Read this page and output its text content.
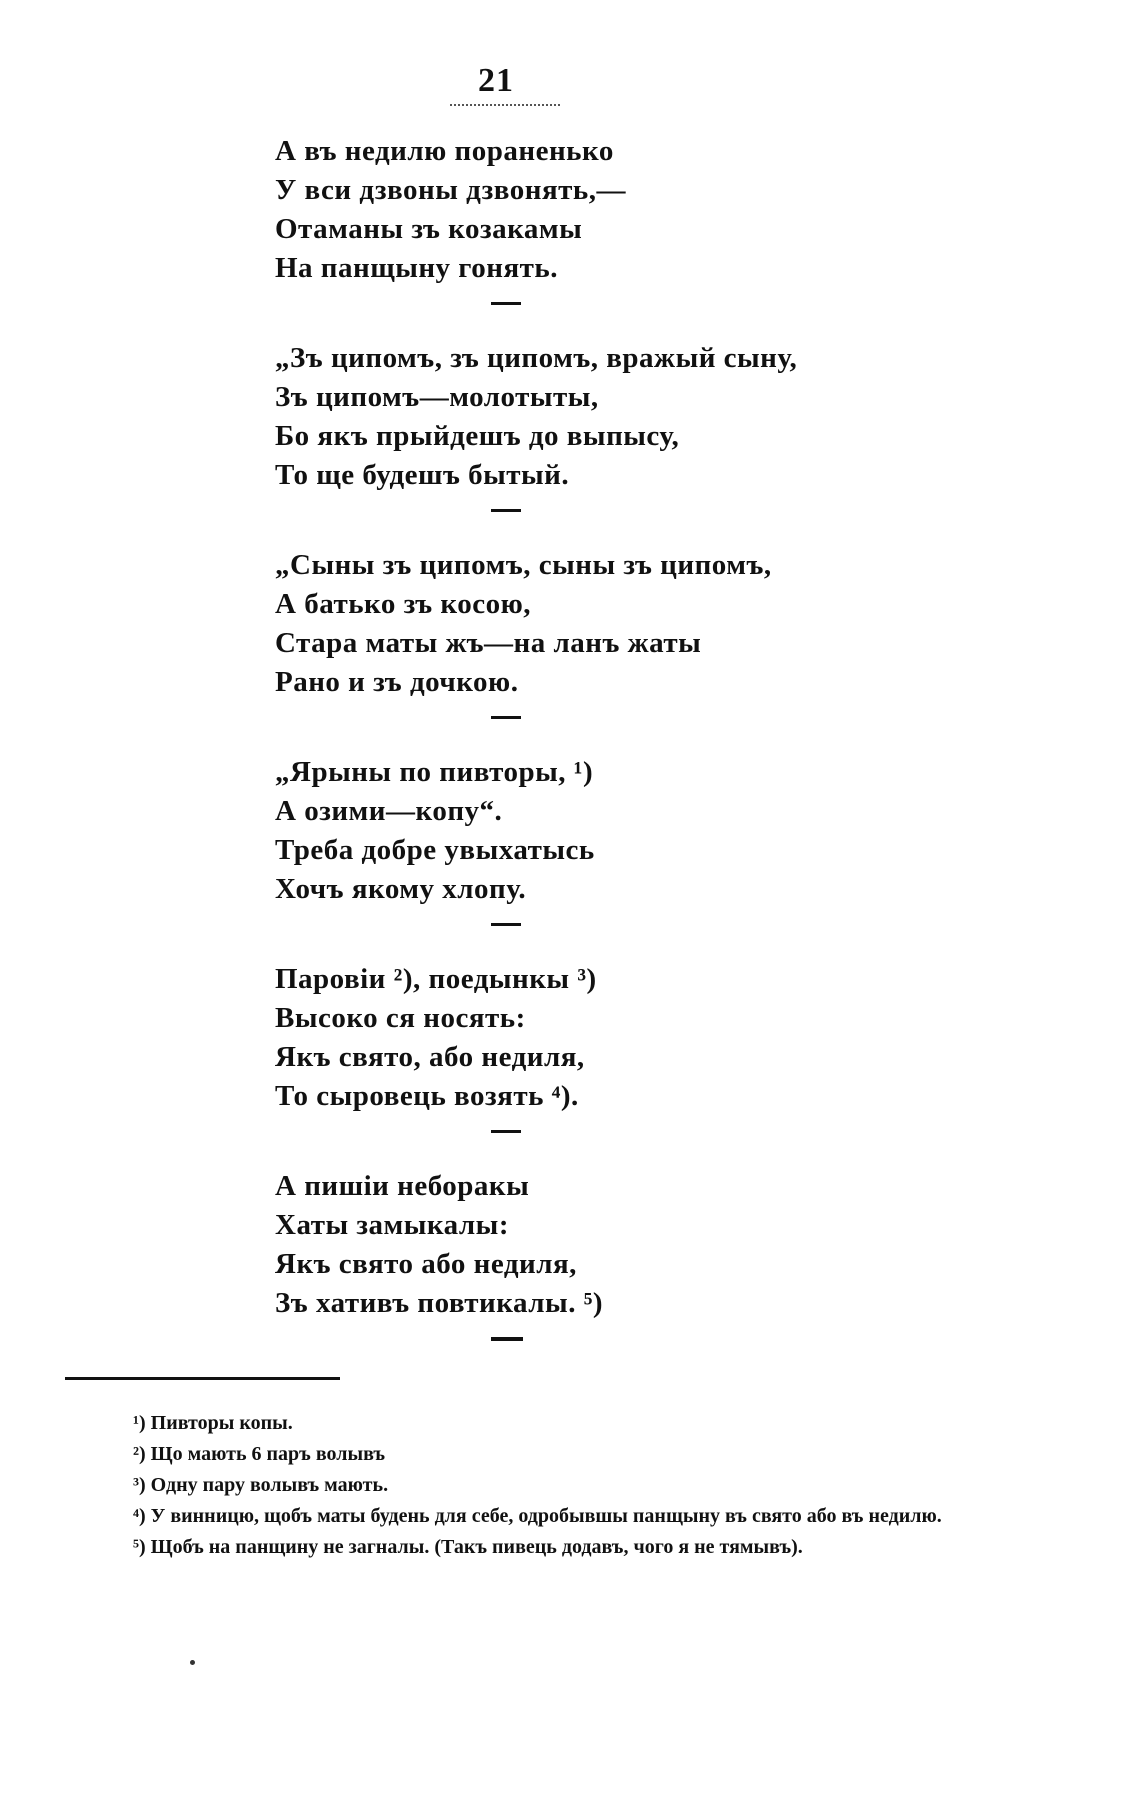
21
А въ недилю пораненько
У вси дзвоны дзвонять,—
Отаманы зъ козакамы
На панщыну гонять.
„Зъ ципомъ, зъ ципомъ, вражый сыну,
Зъ ципомъ—молотыты,
Бо якъ прыйдешъ до выпысу,
То ще будешъ бытый.
„Сыны зъ ципомъ, сыны зъ ципомъ,
А батько зъ косою,
Стара маты жъ—на ланъ жаты
Рано и зъ дочкою.
„Ярыны по пивторы, ¹)
А озими—копу“.
Треба добре увыхатысь
Хочъ якому хлопу.
Паровіи ²), поедынкы ³)
Высоко ся носять:
Якъ свято, або недиля,
То сыровець возять ⁴).
А пишіи неборакы
Хаты замыкалы:
Якъ свято або недиля,
Зъ хативъ повтикалы. ⁵)

¹) Пивторы копы.

²) Що мають 6 паръ волывъ

³) Одну пару волывъ мають.

⁴) У винницю, щобъ маты будень для себе, одробывшы панщыну въ свято або въ недилю.

⁵) Щобъ на панщину не загналы. (Такъ пивець додавъ, чого я не тямывъ).
